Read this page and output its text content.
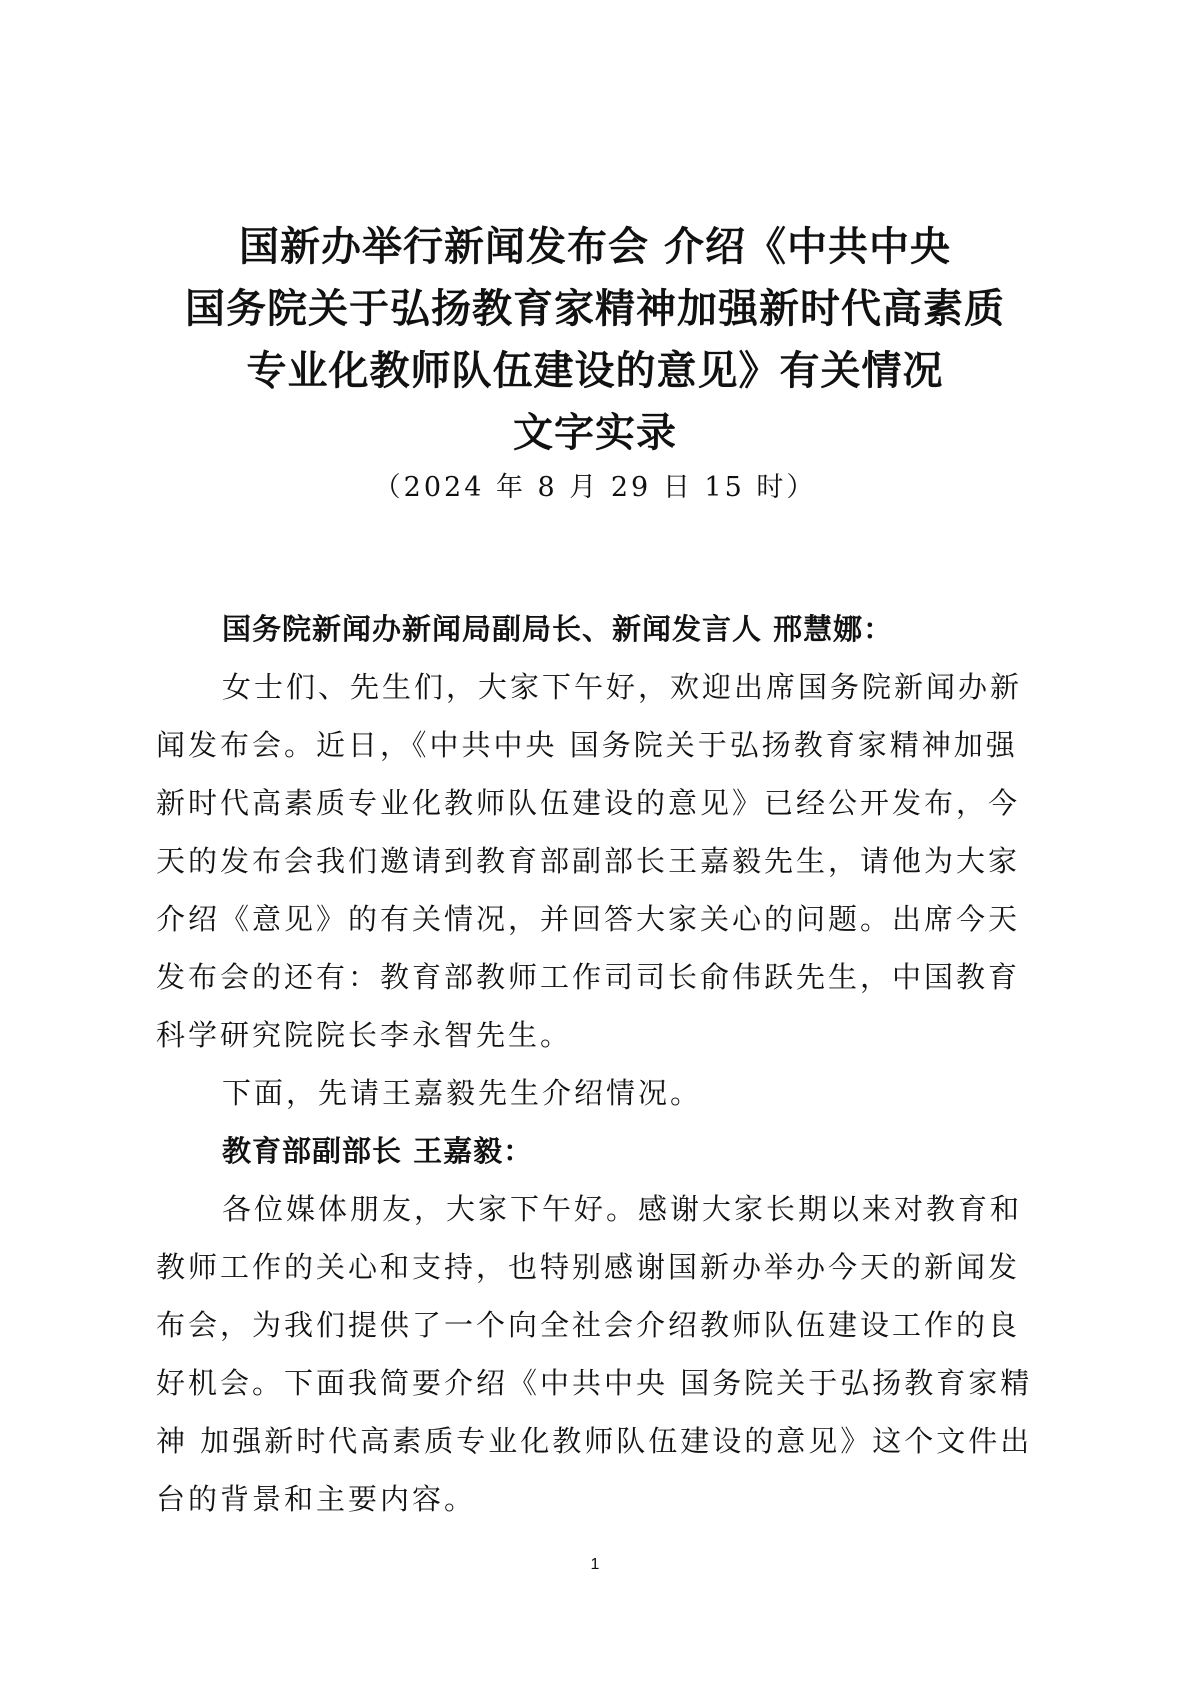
国新办举行新闻发布会 介绍《中共中央
国务院关于弘扬教育家精神加强新时代高素质
专业化教师队伍建设的意见》有关情况
文字实录
（2024 年 8 月 29 日 15 时）
国务院新闻办新闻局副局长、新闻发言人 邢慧娜：
女士们、先生们，大家下午好，欢迎出席国务院新闻办新
闻发布会。近日，《中共中央 国务院关于弘扬教育家精神加强
新时代高素质专业化教师队伍建设的意见》已经公开发布，今
天的发布会我们邀请到教育部副部长王嘉毅先生，请他为大家
介绍《意见》的有关情况，并回答大家关心的问题。出席今天
发布会的还有：教育部教师工作司司长俞伟跃先生，中国教育
科学研究院院长李永智先生。
下面，先请王嘉毅先生介绍情况。
教育部副部长 王嘉毅：
各位媒体朋友，大家下午好。感谢大家长期以来对教育和
教师工作的关心和支持，也特别感谢国新办举办今天的新闻发
布会，为我们提供了一个向全社会介绍教师队伍建设工作的良
好机会。下面我简要介绍《中共中央 国务院关于弘扬教育家精
神 加强新时代高素质专业化教师队伍建设的意见》这个文件出
台的背景和主要内容。
1
